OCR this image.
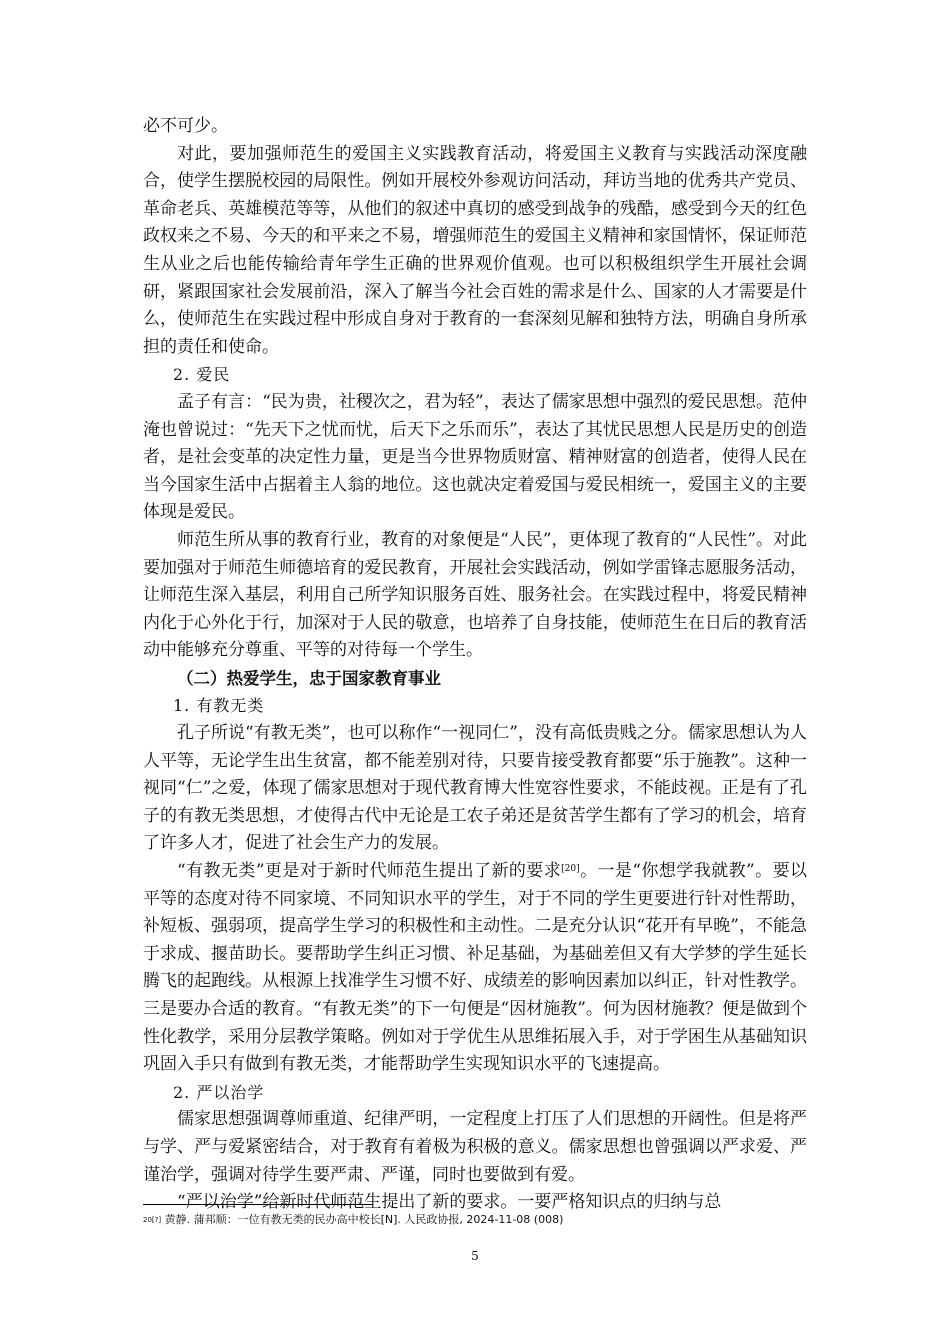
必不可少。

对此，要加强师范生的爱国主义实践教育活动，将爱国主义教育与实践活动深度融合，使学生摆脱校园的局限性。例如开展校外参观访问活动，拜访当地的优秀共产党员、革命老兵、英雄模范等等，从他们的叙述中真切的感受到战争的残酷，感受到今天的红色政权来之不易、今天的和平来之不易，增强师范生的爱国主义精神和家国情怀，保证师范生从业之后也能传输给青年学生正确的世界观价值观。也可以积极组织学生开展社会调研，紧跟国家社会发展前沿，深入了解当今社会百姓的需求是什么、国家的人才需要是什么，使师范生在实践过程中形成自身对于教育的一套深刻见解和独特方法，明确自身所承担的责任和使命。

2. 爱民

孟子有言：“民为贵，社稷次之，君为轻”，表达了儒家思想中强烈的爱民思想。范仲淹也曾说过：“先天下之忧而忧，后天下之乐而乐”，表达了其忧民思想人民是历史的创造者，是社会变革的决定性力量，更是当今世界物质财富、精神财富的创造者，使得人民在当今国家生活中占据着主人翁的地位。这也就决定着爱国与爱民相统一，爱国主义的主要体现是爱民。

师范生所从事的教育行业，教育的对象便是“人民”，更体现了教育的“人民性”。对此要加强对于师范生师德培育的爱民教育，开展社会实践活动，例如学雷锋志愿服务活动，让师范生深入基层，利用自己所学知识服务百姓、服务社会。在实践过程中，将爱民精神内化于心外化于行，加深对于人民的敬意，也培养了自身技能，使师范生在日后的教育活动中能够充分尊重、平等的对待每一个学生。

（二）热爱学生，忠于国家教育事业

1. 有教无类

孔子所说“有教无类”，也可以称作“一视同仁”，没有高低贵贱之分。儒家思想认为人人平等，无论学生出生贫富，都不能差别对待，只要肯接受教育都要“乐于施教”。这种一视同“仁”之爱，体现了儒家思想对于现代教育博大性宽容性要求，不能歧视。正是有了孔子的有教无类思想，才使得古代中无论是工农子弟还是贫苦学生都有了学习的机会，培育了许多人才，促进了社会生产力的发展。

“有教无类”更是对于新时代师范生提出了新的要求[20]。一是“你想学我就教”。要以平等的态度对待不同家境、不同知识水平的学生，对于不同的学生更要进行针对性帮助，补短板、强弱项，提高学生学习的积极性和主动性。二是充分认识“花开有早晚”，不能急于求成、揠苗助长。要帮助学生纠正习惯、补足基础，为基础差但又有大学梦的学生延长腾飞的起跑线。从根源上找准学生习惯不好、成绩差的影响因素加以纠正，针对性教学。三是要办合适的教育。“有教无类”的下一句便是“因材施教”。何为因材施教？便是做到个性化教学，采用分层教学策略。例如对于学优生从思维拓展入手，对于学困生从基础知识巩固入手只有做到有教无类，才能帮助学生实现知识水平的飞速提高。

2. 严以治学

儒家思想强调尊师重道、纪律严明，一定程度上打压了人们思想的开阔性。但是将严与学、严与爱紧密结合，对于教育有着极为积极的意义。儒家思想也曾强调以严求爱、严谨治学，强调对待学生要严肃、严谨，同时也要做到有爱。

“严以治学”给新时代师范生提出了新的要求。一要严格知识点的归纳与总

$^{20[?]}$ 黄静. 蒲邦顺：一位有教无类的民办高中校长[N]. 人民政协报, 2024-11-08 (008)
5
